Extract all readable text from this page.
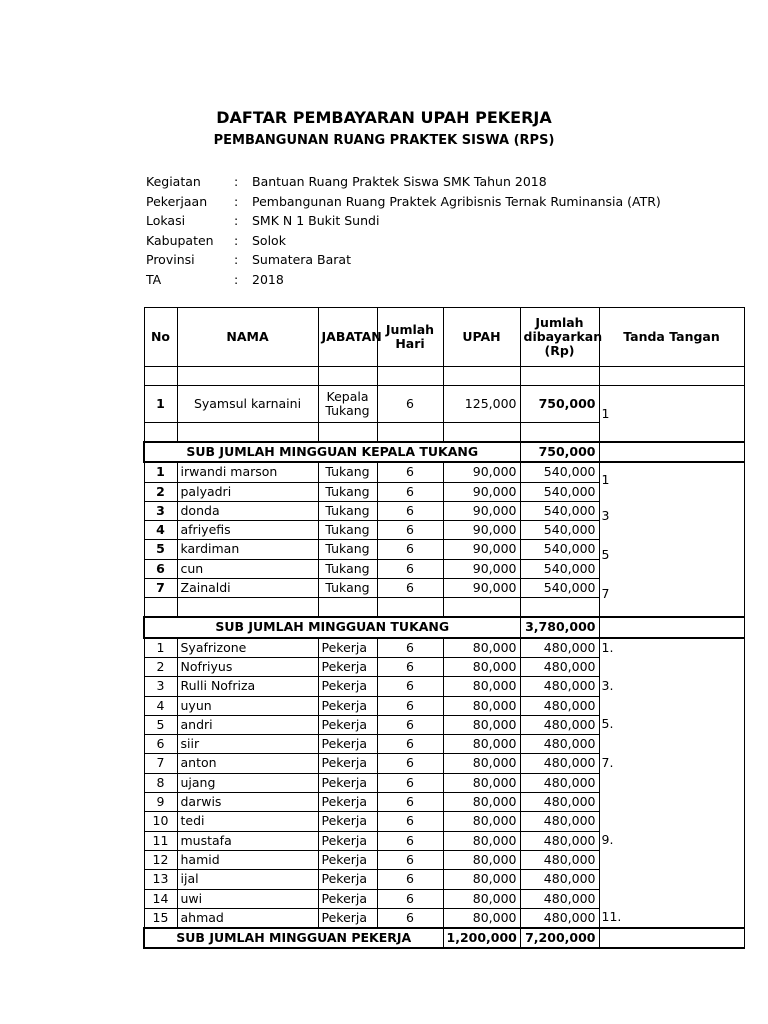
DAFTAR PEMBAYARAN UPAH PEKERJA
PEMBANGUNAN RUANG PRAKTEK SISWA (RPS)
Kegiatan	: Bantuan Ruang Praktek Siswa SMK Tahun 2018
Pekerjaan : Pembangunan Ruang Praktek Agribisnis Ternak Ruminansia (ATR)
Lokasi	: SMK N 1 Bukit Sundi
Kabupaten : Solok
Provinsi	: Sumatera Barat
TA	: 2018
No	NAMA	JABATAN	Jumlah Hari	UPAH	Jumlah dibayarkan (Rp)	Tanda Tangan

1	Syamsul karnaini	Kepala Tukang	6	125,000	750,000	1

SUB JUMLAH MINGGUAN KEPALA TUKANG					750,000	
1	irwandi marson	Tukang	6	90,000	540,000	1
2	palyadri	Tukang	6	90,000	540,000	
3	donda	Tukang	6	90,000	540,000	3
4	afriyefis	Tukang	6	90,000	540,000	
5	kardiman	Tukang	6	90,000	540,000	5
6	cun	Tukang	6	90,000	540,000	
7	Zainaldi	Tukang	6	90,000	540,000	7

SUB JUMLAH MINGGUAN TUKANG					3,780,000	
1	Syafrizone	Pekerja	6	80,000	480,000	1.
2	Nofriyus	Pekerja	6	80,000	480,000	
3	Rulli Nofriza	Pekerja	6	80,000	480,000	3.
4	uyun	Pekerja	6	80,000	480,000	
5	andri	Pekerja	6	80,000	480,000	5.
6	siir	Pekerja	6	80,000	480,000	
7	anton	Pekerja	6	80,000	480,000	7.
8	ujang	Pekerja	6	80,000	480,000	
9	darwis	Pekerja	6	80,000	480,000	
10	tedi	Pekerja	6	80,000	480,000	
11	mustafa	Pekerja	6	80,000	480,000	9.
12	hamid	Pekerja	6	80,000	480,000	
13	ijal	Pekerja	6	80,000	480,000	
14	uwi	Pekerja	6	80,000	480,000	
15	ahmad	Pekerja	6	80,000	480,000	11.
SUB JUMLAH MINGGUAN PEKERJA				1,200,000	7,200,000	
